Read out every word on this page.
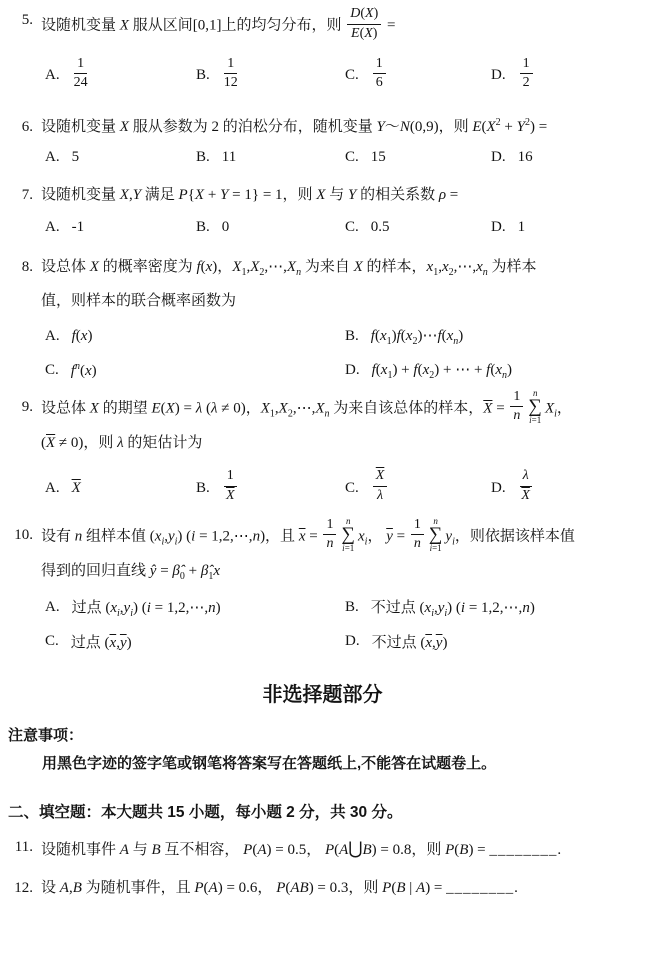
5. 设随机变量 X 服从区间[0,1]上的均匀分布，则 $\frac{D(X)}{E(X)}$ =
A. $\frac{1}{24}$	B. $\frac{1}{12}$	C. $\frac{1}{6}$	D. $\frac{1}{2}$
6. 设随机变量 X 服从参数为 2 的泊松分布，随机变量 Y～N(0,9)，则 $E(X^2 + Y^2)$ =
A. 5	B. 11	C. 15	D. 16
7. 设随机变量 X,Y 满足 P{X + Y = 1} = 1，则 X 与 Y 的相关系数 ρ =
A. -1	B. 0	C. 0.5	D. 1
8. 设总体 X 的概率密度为 f(x)，$X_1,X_2,\cdots,X_n$ 为来自 X 的样本，$x_1,x_2,\cdots,x_n$ 为样本
值，则样本的联合概率函数为
A. f(x)	B. $f(x_1)f(x_2)\cdots f(x_n)$
C. $f^n(x)$	D. $f(x_1) + f(x_2)$ + ⋯ + $f(x_n)$
9. 设总体 X 的期望 E(X) = λ (λ ≠ 0)，$X_1,X_2,\cdots,X_n$ 为来自该总体的样本，$\overline{X} = \frac{1}{n}$ n
∑
i=1
$X_i$，
$(\overline{X} \ne 0)$，则 λ 的矩估计为
A. $\overline{X}$	B. $\frac{1}{X}$	C. $\frac{\overline{X}}{\lambda}$	D. $\frac{\lambda}{X}$
10. 设有 n 组样本值 $(x_i,y_i) (i$ = 1,2,⋯,n)，且 $\overline{x} = \frac{1}{n}$ n
∑
i=1
$x_i$， $\overline{y} = \frac{1}{n}$ n
∑
i=1
$y_i$，则依据该样本值
得到的回归直线 ŷ = $\betâ_0$ + $\betâ_1x$
A. 过点 $(x_i,y_i) (i$ = 1,2,⋯,n)	B. 不过点 $(x_i,y_i) (i$ = 1,2,⋯,n)
C. 过点 $(\overline{x},\overline{y})$	D. 不过点 $(\overline{x},\overline{y})$
非选择题部分
注意事项：
用黑色字迹的签字笔或钢笔将答案写在答题纸上,不能答在试题卷上。
二、填空题：本大题共 15 小题，每小题 2 分，共 30 分。
11. 设随机事件 A 与 B 互不相容， P(A) = 0.5， P(A⋃B) = 0.8，则 P(B) = ________.
12. 设 A,B 为随机事件，且 P(A) = 0.6， P(AB) = 0.3，则 P(B | A) = ________.
